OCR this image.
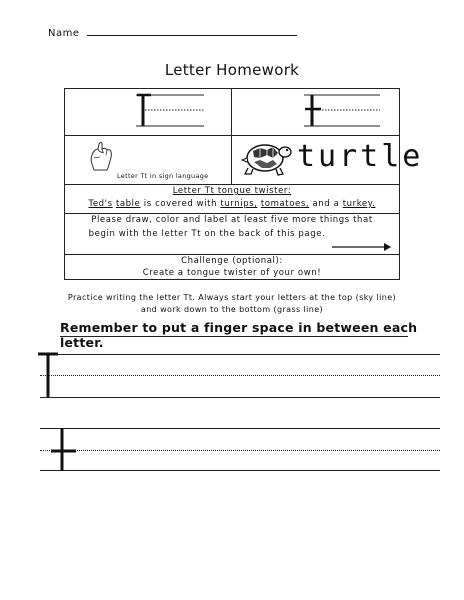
Name
Letter Homework
Letter Tt in sign language
turtle
Letter Tt tongue twister:
Ted's table is covered with turnips, tomatoes, and a turkey.
Please draw, color and label at least five more things that
begin with the letter Tt on the back of this page.
Challenge (optional):
Create a tongue twister of your own!
Practice writing the letter Tt. Always start your letters at the top (sky line)
and work down to the bottom (grass line)
Remember to put a finger space in between each letter.
